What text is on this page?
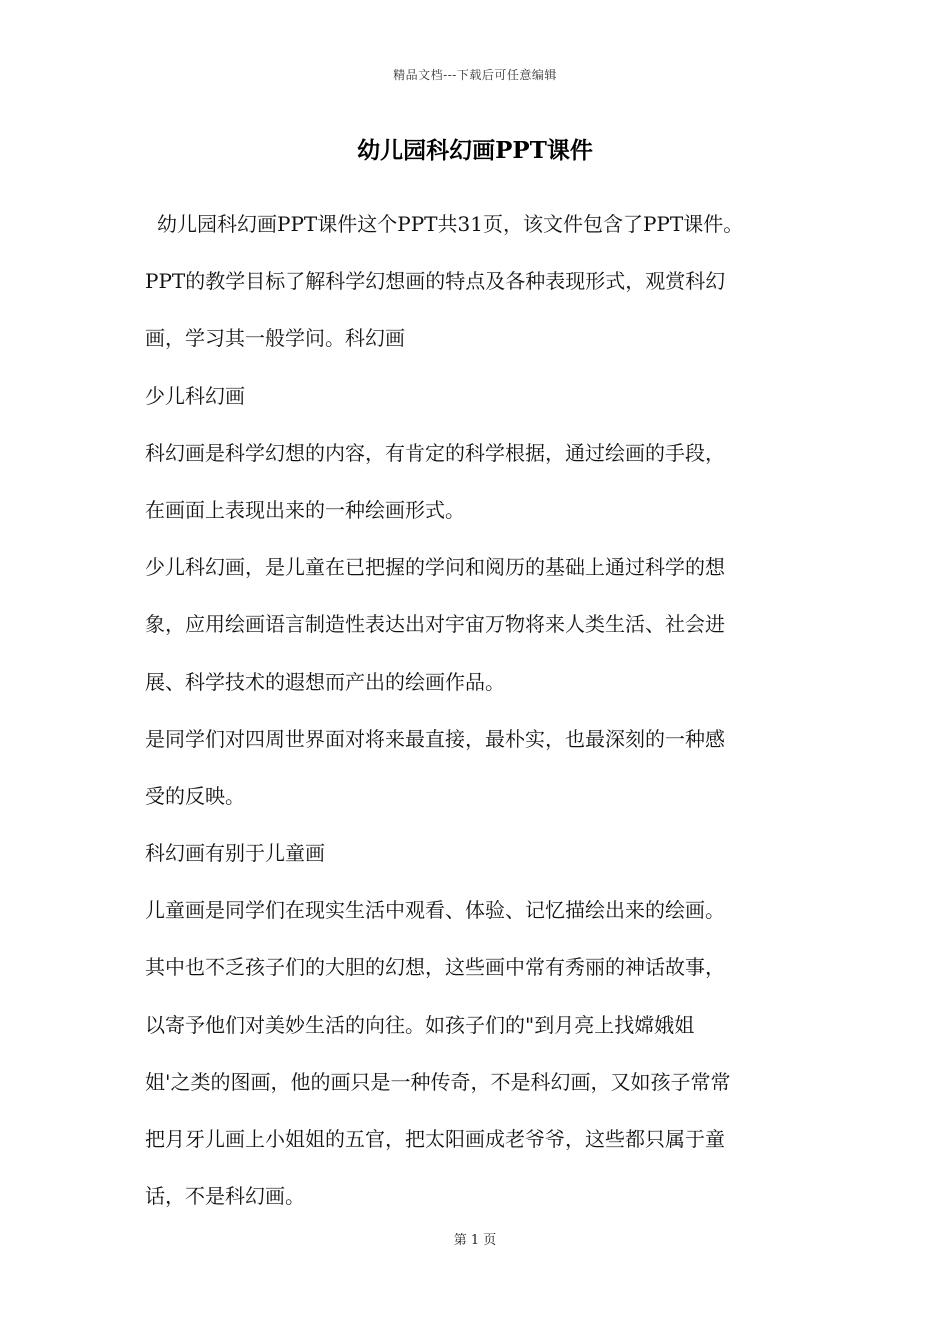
精品文档---下载后可任意编辑
幼儿园科幻画PPT课件
幼儿园科幻画PPT课件这个PPT共31页，该文件包含了PPT课件。
PPT的教学目标了解科学幻想画的特点及各种表现形式，观赏科幻
画，学习其一般学问。科幻画
少儿科幻画
科幻画是科学幻想的内容，有肯定的科学根据，通过绘画的手段，
在画面上表现出来的一种绘画形式。
少儿科幻画，是儿童在已把握的学问和阅历的基础上通过科学的想
象，应用绘画语言制造性表达出对宇宙万物将来人类生活、社会进
展、科学技术的遐想而产出的绘画作品。
是同学们对四周世界面对将来最直接，最朴实，也最深刻的一种感
受的反映。
科幻画有别于儿童画
儿童画是同学们在现实生活中观看、体验、记忆描绘出来的绘画。
其中也不乏孩子们的大胆的幻想，这些画中常有秀丽的神话故事，
以寄予他们对美妙生活的向往。如孩子们的"到月亮上找嫦娥姐
姐'之类的图画，他的画只是一种传奇，不是科幻画，又如孩子常常
把月牙儿画上小姐姐的五官，把太阳画成老爷爷，这些都只属于童
话，不是科幻画。
第 1 页
